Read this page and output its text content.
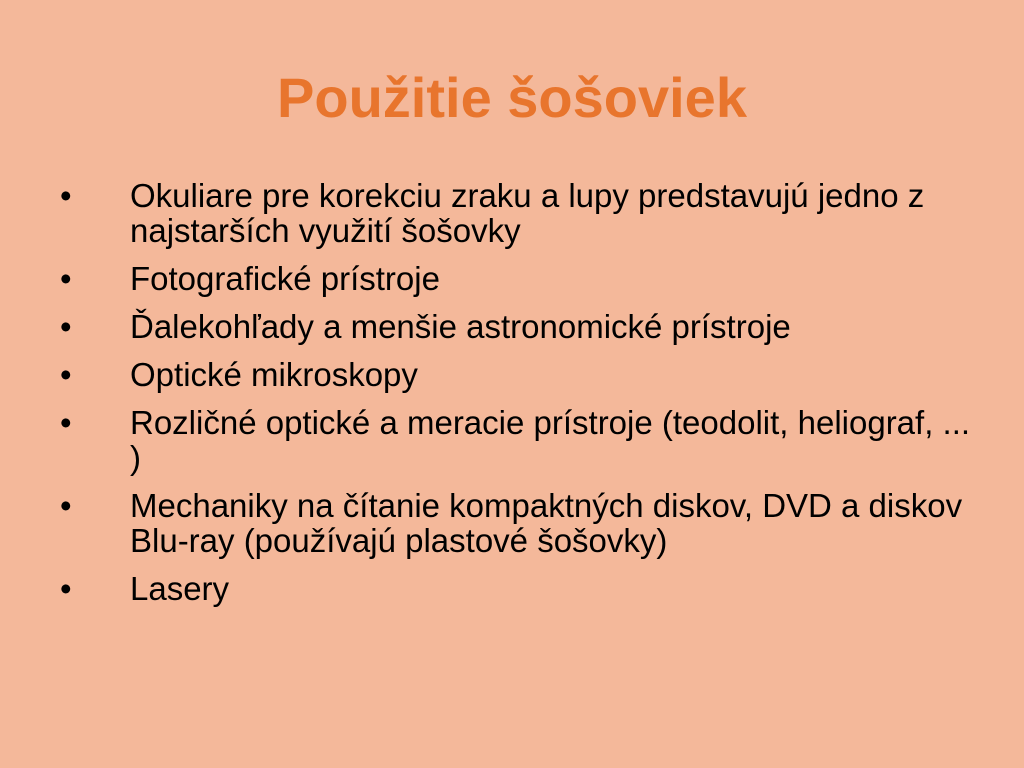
Použitie šošoviek
•	Okuliare pre korekciu zraku a lupy predstavujú jedno z najstarších využití šošovky
•	Fotografické prístroje
•	Ďalekohľady a menšie astronomické prístroje
•	Optické mikroskopy
•	Rozličné optické a meracie prístroje (teodolit, heliograf, ... )
•	Mechaniky na čítanie kompaktných diskov, DVD a diskov Blu-ray (používajú plastové šošovky)
•	Lasery
